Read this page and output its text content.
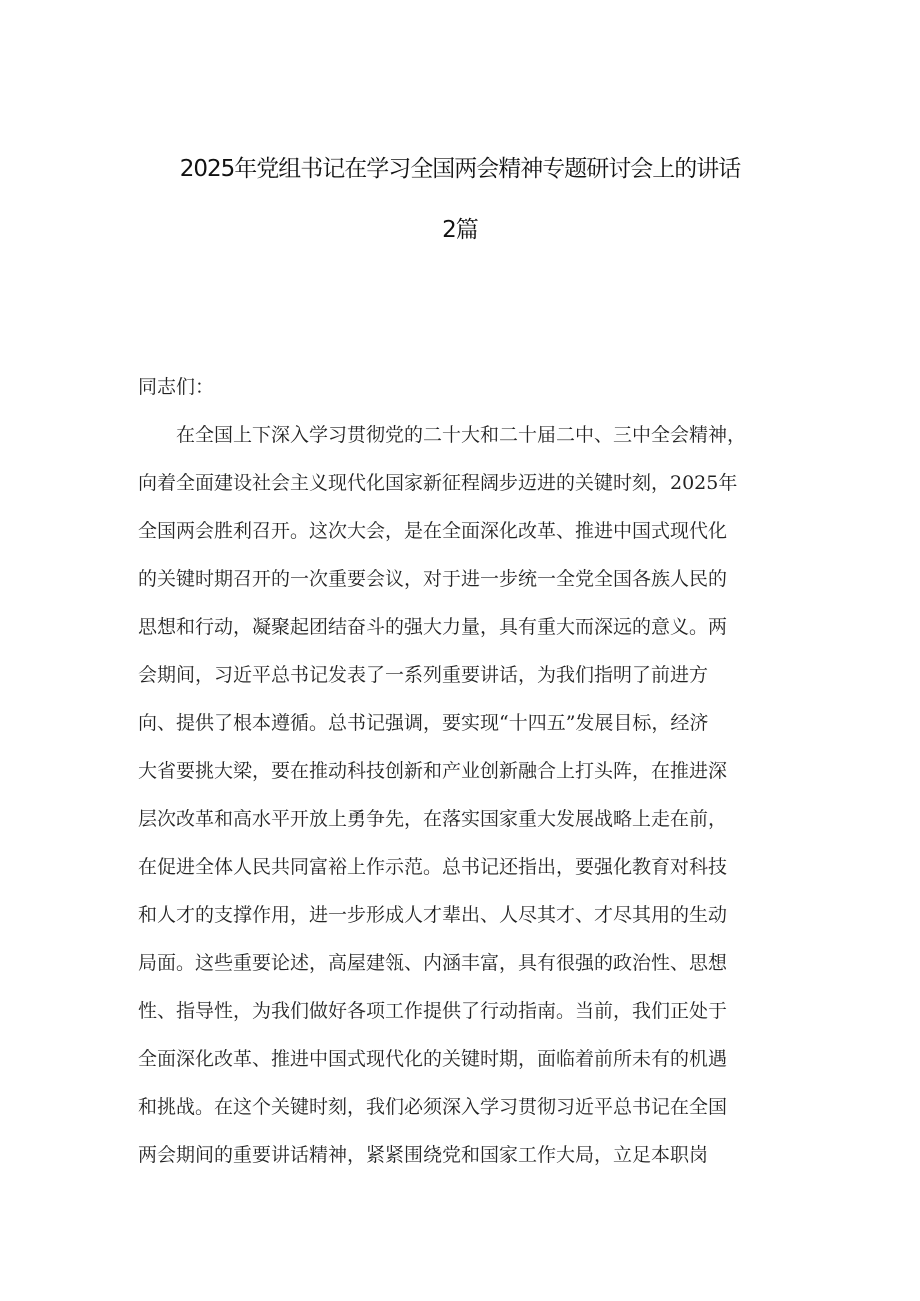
2025年党组书记在学习全国两会精神专题研讨会上的讲话
2篇
同志们：
在全国上下深入学习贯彻党的二十大和二十届二中、三中全会精神，
向着全面建设社会主义现代化国家新征程阔步迈进的关键时刻，2025年
全国两会胜利召开。这次大会，是在全面深化改革、推进中国式现代化
的关键时期召开的一次重要会议，对于进一步统一全党全国各族人民的
思想和行动，凝聚起团结奋斗的强大力量，具有重大而深远的意义。两
会期间，习近平总书记发表了一系列重要讲话，为我们指明了前进方
向、提供了根本遵循。总书记强调，要实现“十四五”发展目标，经济
大省要挑大梁，要在推动科技创新和产业创新融合上打头阵，在推进深
层次改革和高水平开放上勇争先，在落实国家重大发展战略上走在前，
在促进全体人民共同富裕上作示范。总书记还指出，要强化教育对科技
和人才的支撑作用，进一步形成人才辈出、人尽其才、才尽其用的生动
局面。这些重要论述，高屋建瓴、内涵丰富，具有很强的政治性、思想
性、指导性，为我们做好各项工作提供了行动指南。当前，我们正处于
全面深化改革、推进中国式现代化的关键时期，面临着前所未有的机遇
和挑战。在这个关键时刻，我们必须深入学习贯彻习近平总书记在全国
两会期间的重要讲话精神，紧紧围绕党和国家工作大局，立足本职岗
